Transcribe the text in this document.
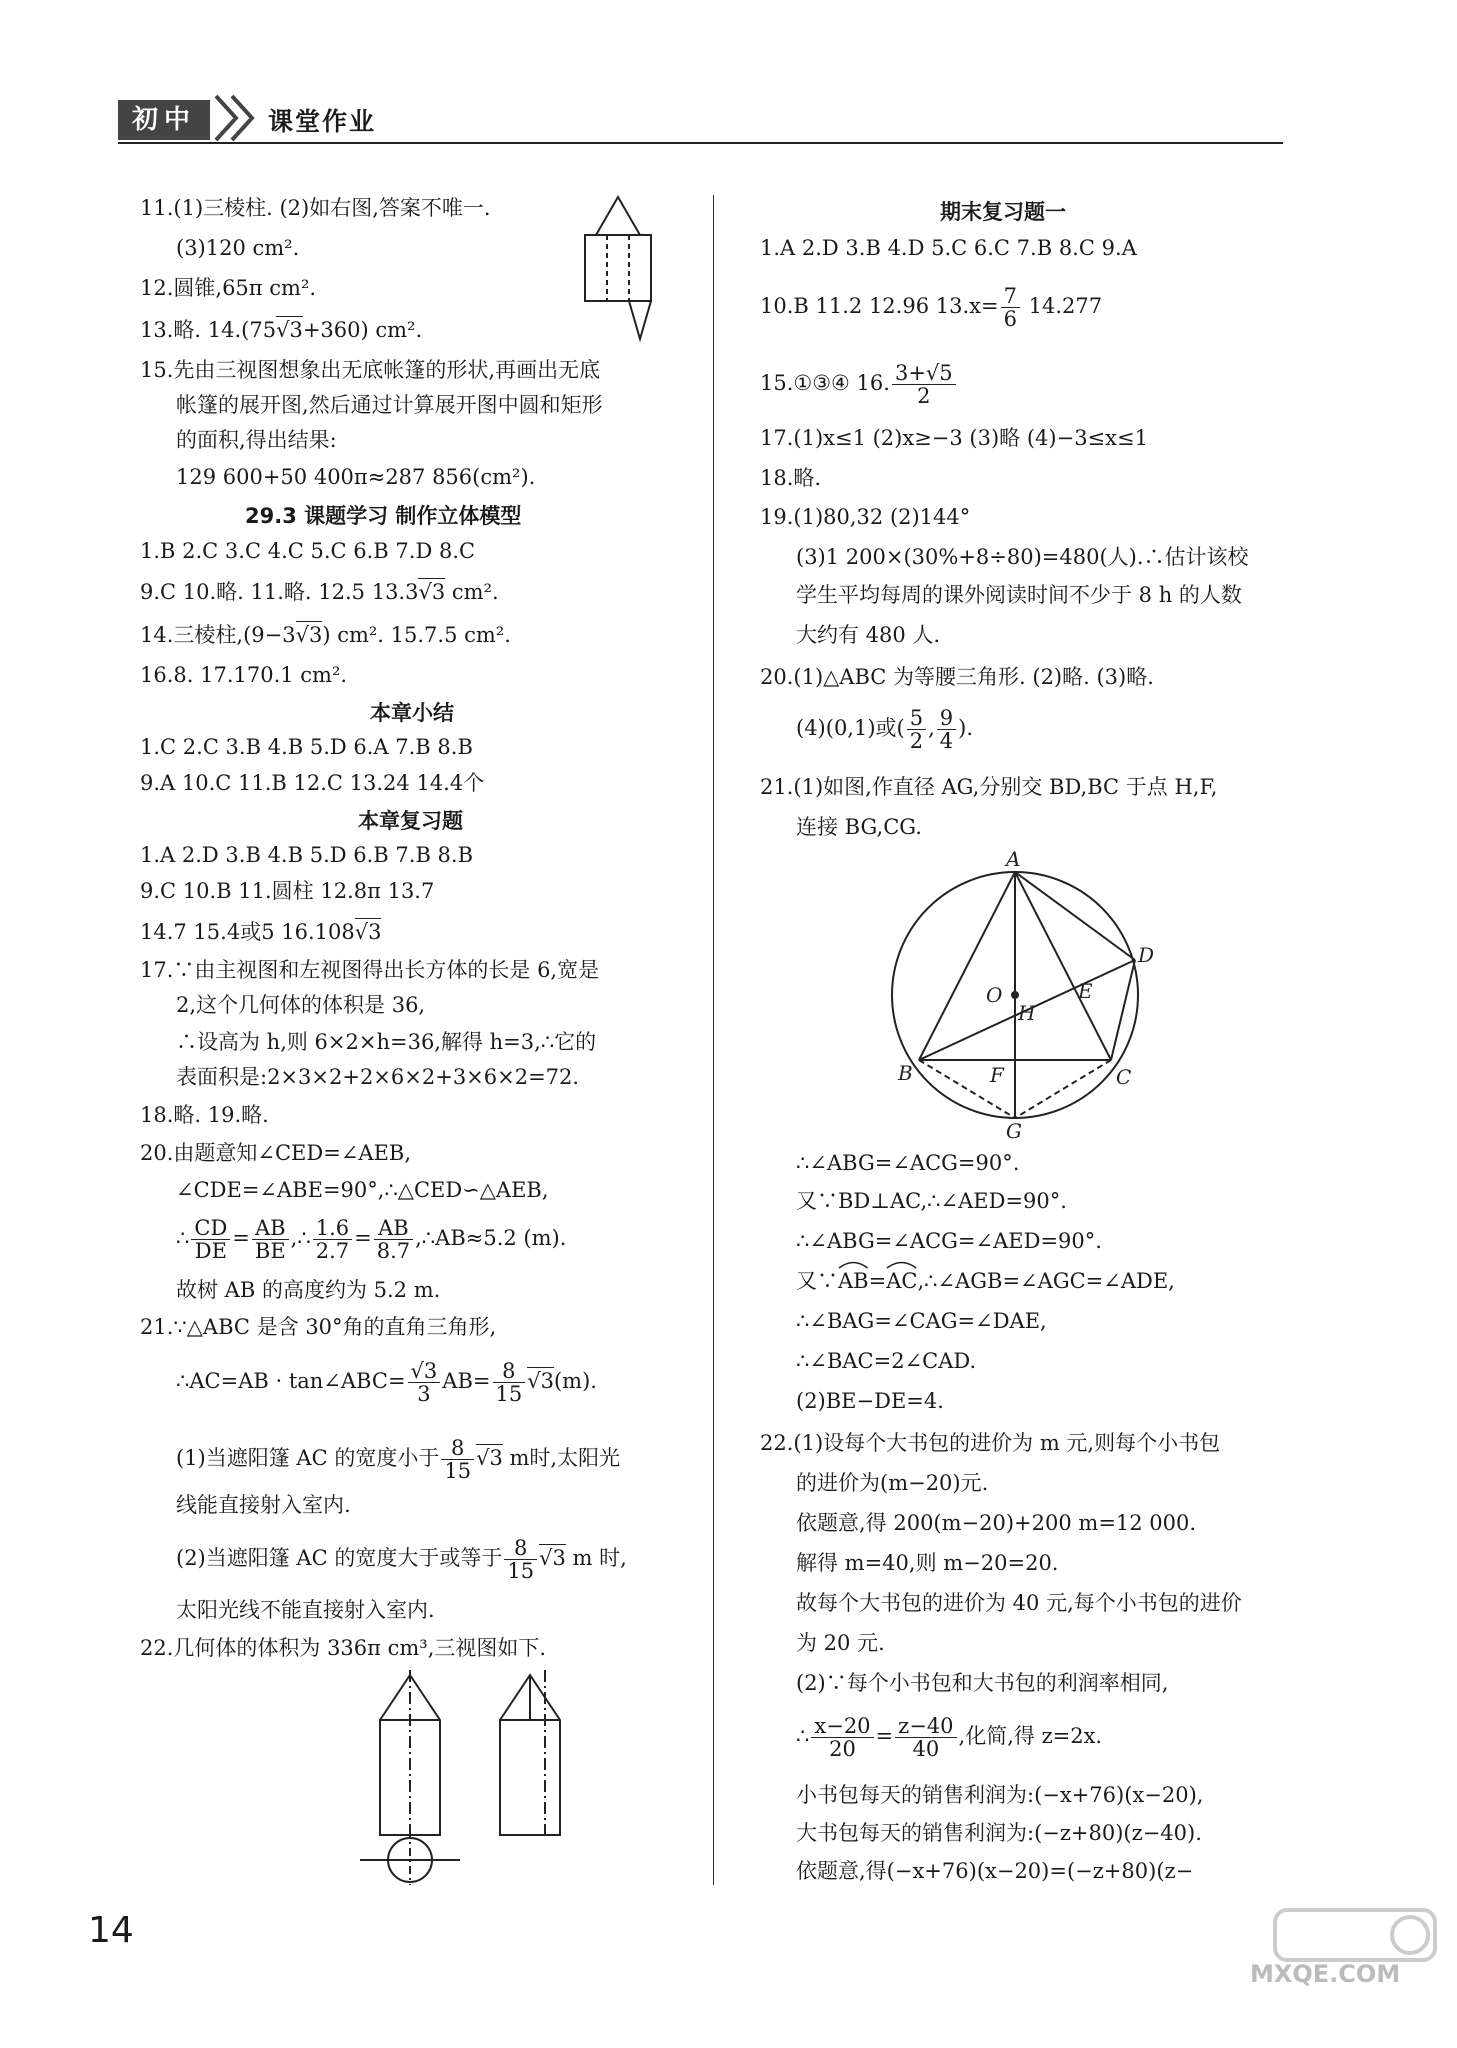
初中	课堂作业
11.(1)三棱柱. (2)如右图,答案不唯一.
(3)120 cm².
12.圆锥,65π cm².
13.略. 14.(75√3+360) cm².
15.先由三视图想象出无底帐篷的形状,再画出无底
帐篷的展开图,然后通过计算展开图中圆和矩形
的面积,得出结果:
129 600+50 400π≈287 856(cm²).
29.3 课题学习 制作立体模型
1.B 2.C 3.C 4.C 5.C 6.B 7.D 8.C
9.C 10.略. 11.略. 12.5 13.3√3 cm².
14.三棱柱,(9−3√3) cm². 15.7.5 cm².
16.8. 17.170.1 cm².
本章小结
1.C 2.C 3.B 4.B 5.D 6.A 7.B 8.B
9.A 10.C 11.B 12.C 13.24 14.4个
本章复习题
1.A 2.D 3.B 4.B 5.D 6.B 7.B 8.B
9.C 10.B 11.圆柱 12.8π 13.7
14.7 15.4或5 16.108√3
17.∵由主视图和左视图得出长方体的长是 6,宽是
2,这个几何体的体积是 36,
∴设高为 h,则 6×2×h=36,解得 h=3,∴它的
表面积是:2×3×2+2×6×2+3×6×2=72.
18.略. 19.略.
20.由题意知∠CED=∠AEB,
∠CDE=∠ABE=90°,∴△CED∽△AEB,
∴ $\frac{CD}{DE} = \frac{AB}{BE}$ ,∴ $\frac{1.6}{2.7} = \frac{AB}{8.7}$ ,∴AB≈5.2 (m).
故树 AB 的高度约为 5.2 m.
21.∵△ABC 是含 30°角的直角三角形,
∴AC=AB · tan∠ABC= $\frac{√3}{3} AB= \frac{8}{15} √3(m)$.
(1)当遮阳篷 AC 的宽度小于 $\frac{8}{15} √3$ m时,太阳光
线能直接射入室内.
(2)当遮阳篷 AC 的宽度大于或等于 $\frac{8}{15} √3$ m 时,
太阳光线不能直接射入室内.
22.几何体的体积为 336π cm³,三视图如下.
期末复习题一
1.A 2.D 3.B 4.D 5.C 6.C 7.B 8.C 9.A
10.B 11.2 12.96 $13.x= \frac{7}{6} 14.277$
15.①③④ 16. $\frac{3+√5}{2}$
17.(1)x≤1 (2)x≥−3 (3)略 (4)−3≤x≤1
18.略.
19.(1)80,32 (2)144°
(3)1 200×(30%+8÷80)=480(人).∴估计该校
学生平均每周的课外阅读时间不少于 8 h 的人数
大约有 480 人.
20.(1)△ABC 为等腰三角形. (2)略. (3)略.
(4)(0,1)或( $\frac{5}{2}$ , $\frac{9}{4}$ ).
21.(1)如图,作直径 AG,分别交 BD,BC 于点 H,F,
连接 BG,CG.
A
B	C
D
E
F
G
H
O
∴∠ABG=∠ACG=90°.
又∵BD⊥AC,∴∠AED=90°.
∴∠ABG=∠ACG=∠AED=90°.
又∵AB
=AC
,∴∠AGB=∠AGC=∠ADE,
∴∠BAG=∠CAG=∠DAE,
∴∠BAC=2∠CAD.
(2)BE−DE=4.
22.(1)设每个大书包的进价为 m 元,则每个小书包
的进价为(m−20)元.
依题意,得 200(m−20)+200 m=12 000.
解得 m=40,则 m−20=20.
故每个大书包的进价为 40 元,每个小书包的进价
为 20 元.
(2)∵每个小书包和大书包的利润率相同,
∴ $\frac{x-20}{20} = \frac{z-40}{40}$ ,化简,得 z=2x.
小书包每天的销售利润为:(−x+76)(x−20),
大书包每天的销售利润为:(−z+80)(z−40).
依题意,得(−x+76)(x−20)=(−z+80)(z−
14
MXQE.COM
